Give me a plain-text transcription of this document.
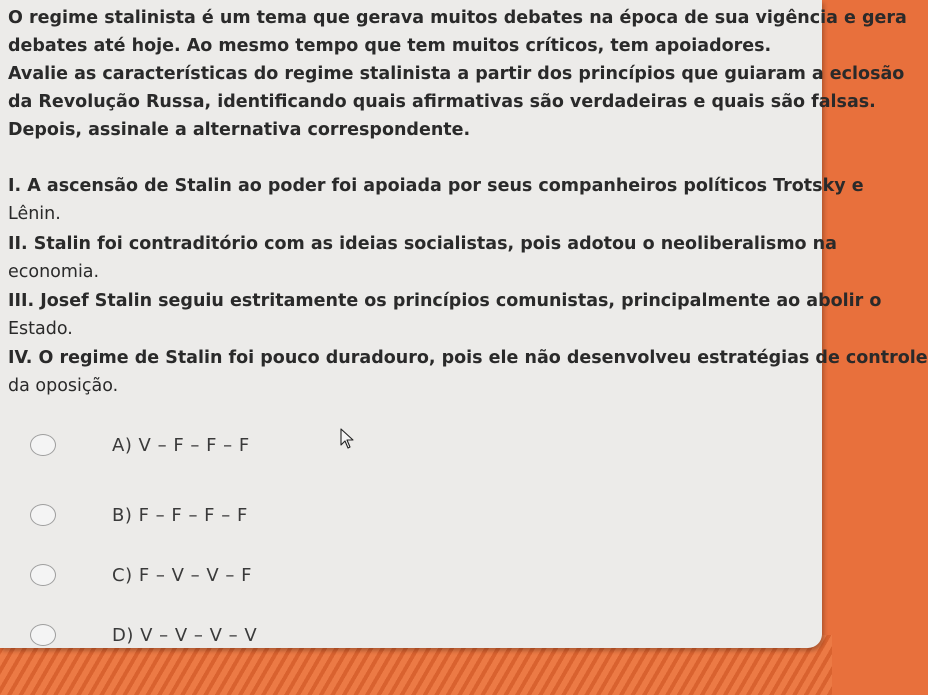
O regime stalinista é um tema que gerava muitos debates na época de sua vigência e gera
debates até hoje. Ao mesmo tempo que tem muitos críticos, tem apoiadores.
Avalie as características do regime stalinista a partir dos princípios que guiaram a eclosão
da Revolução Russa, identificando quais afirmativas são verdadeiras e quais são falsas.
Depois, assinale a alternativa correspondente.
I. A ascensão de Stalin ao poder foi apoiada por seus companheiros políticos Trotsky e
Lênin.
II. Stalin foi contraditório com as ideias socialistas, pois adotou o neoliberalismo na
economia.
III. Josef Stalin seguiu estritamente os princípios comunistas, principalmente ao abolir o
Estado.
IV. O regime de Stalin foi pouco duradouro, pois ele não desenvolveu estratégias de controle
da oposição.
A) V – F – F – F
B) F – F – F – F
C) F – V – V – F
D) V – V – V – V
